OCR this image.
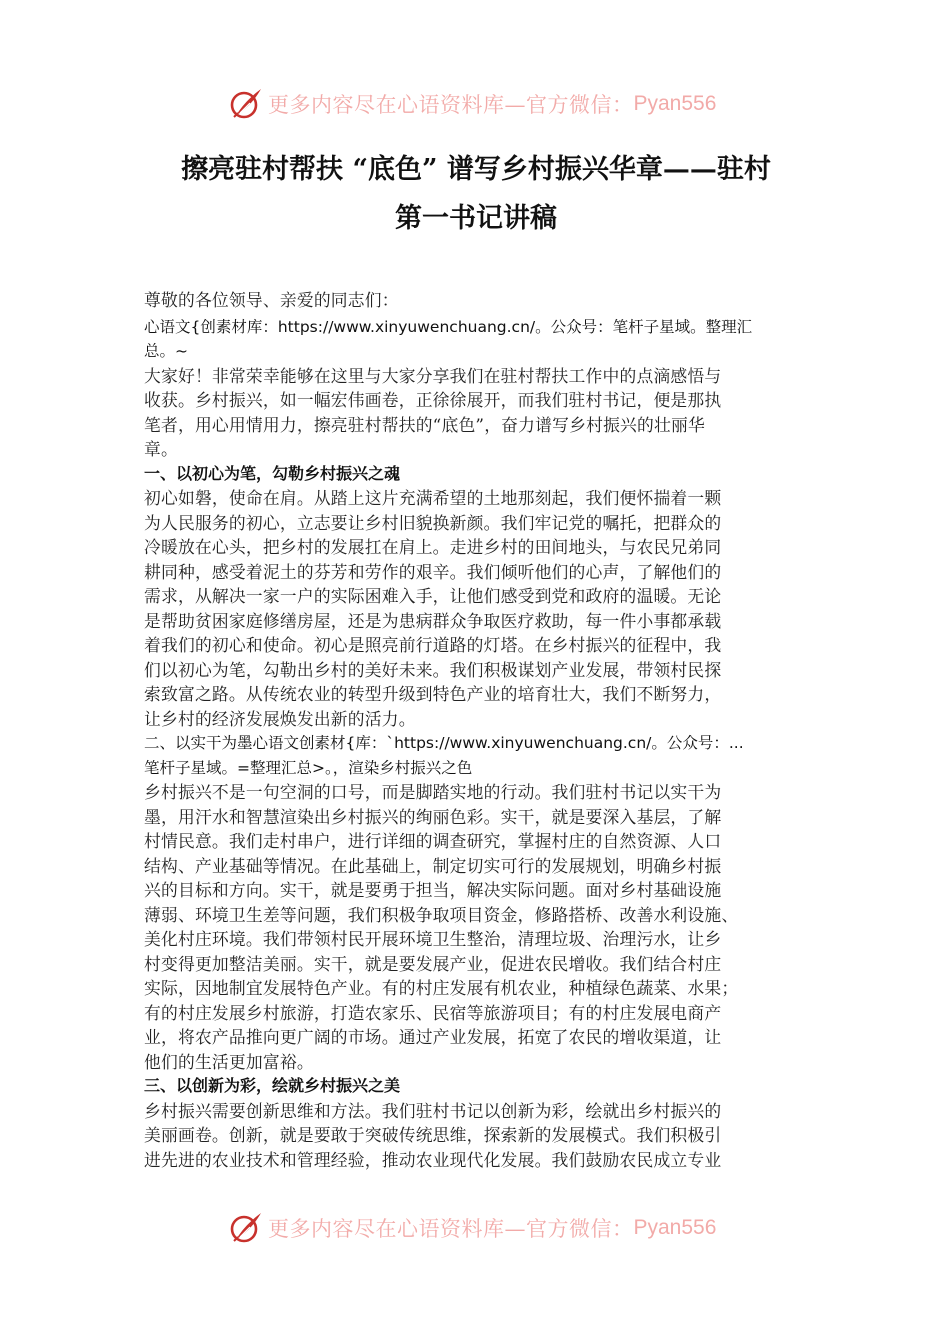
更多内容尽在心语资料库—官方微信： Pyan556
擦亮驻村帮扶 “底色” 谱写乡村振兴华章——驻村
第一书记讲稿

尊敬的各位领导、亲爱的同志们：

心语文{创素材库：https://www.xinyuwenchuang.cn/。公众号：笔杆子星域。整理汇

总。~

大家好！非常荣幸能够在这里与大家分享我们在驻村帮扶工作中的点滴感悟与

收获。乡村振兴，如一幅宏伟画卷，正徐徐展开，而我们驻村书记，便是那执

笔者，用心用情用力，擦亮驻村帮扶的“底色”，奋力谱写乡村振兴的壮丽华

章。

一、以初心为笔，勾勒乡村振兴之魂

初心如磐，使命在肩。从踏上这片充满希望的土地那刻起，我们便怀揣着一颗

为人民服务的初心，立志要让乡村旧貌换新颜。我们牢记党的嘱托，把群众的

冷暖放在心头，把乡村的发展扛在肩上。走进乡村的田间地头，与农民兄弟同

耕同种，感受着泥土的芬芳和劳作的艰辛。我们倾听他们的心声，了解他们的

需求，从解决一家一户的实际困难入手，让他们感受到党和政府的温暖。无论

是帮助贫困家庭修缮房屋，还是为患病群众争取医疗救助，每一件小事都承载

着我们的初心和使命。初心是照亮前行道路的灯塔。在乡村振兴的征程中，我

们以初心为笔，勾勒出乡村的美好未来。我们积极谋划产业发展，带领村民探

索致富之路。从传统农业的转型升级到特色产业的培育壮大，我们不断努力，

让乡村的经济发展焕发出新的活力。

二、以实干为墨心语文创素材{库：`https://www.xinyuwenchuang.cn/。公众号：...

笔杆子星域。=整理汇总>。，渲染乡村振兴之色

乡村振兴不是一句空洞的口号，而是脚踏实地的行动。我们驻村书记以实干为

墨，用汗水和智慧渲染出乡村振兴的绚丽色彩。实干，就是要深入基层，了解

村情民意。我们走村串户，进行详细的调查研究，掌握村庄的自然资源、人口

结构、产业基础等情况。在此基础上，制定切实可行的发展规划，明确乡村振

兴的目标和方向。实干，就是要勇于担当，解决实际问题。面对乡村基础设施

薄弱、环境卫生差等问题，我们积极争取项目资金，修路搭桥、改善水利设施、

美化村庄环境。我们带领村民开展环境卫生整治，清理垃圾、治理污水，让乡

村变得更加整洁美丽。实干，就是要发展产业，促进农民增收。我们结合村庄

实际，因地制宜发展特色产业。有的村庄发展有机农业，种植绿色蔬菜、水果；

有的村庄发展乡村旅游，打造农家乐、民宿等旅游项目；有的村庄发展电商产

业，将农产品推向更广阔的市场。通过产业发展，拓宽了农民的增收渠道，让

他们的生活更加富裕。

三、以创新为彩，绘就乡村振兴之美

乡村振兴需要创新思维和方法。我们驻村书记以创新为彩，绘就出乡村振兴的

美丽画卷。创新，就是要敢于突破传统思维，探索新的发展模式。我们积极引

进先进的农业技术和管理经验，推动农业现代化发展。我们鼓励农民成立专业

更多内容尽在心语资料库—官方微信： Pyan556
